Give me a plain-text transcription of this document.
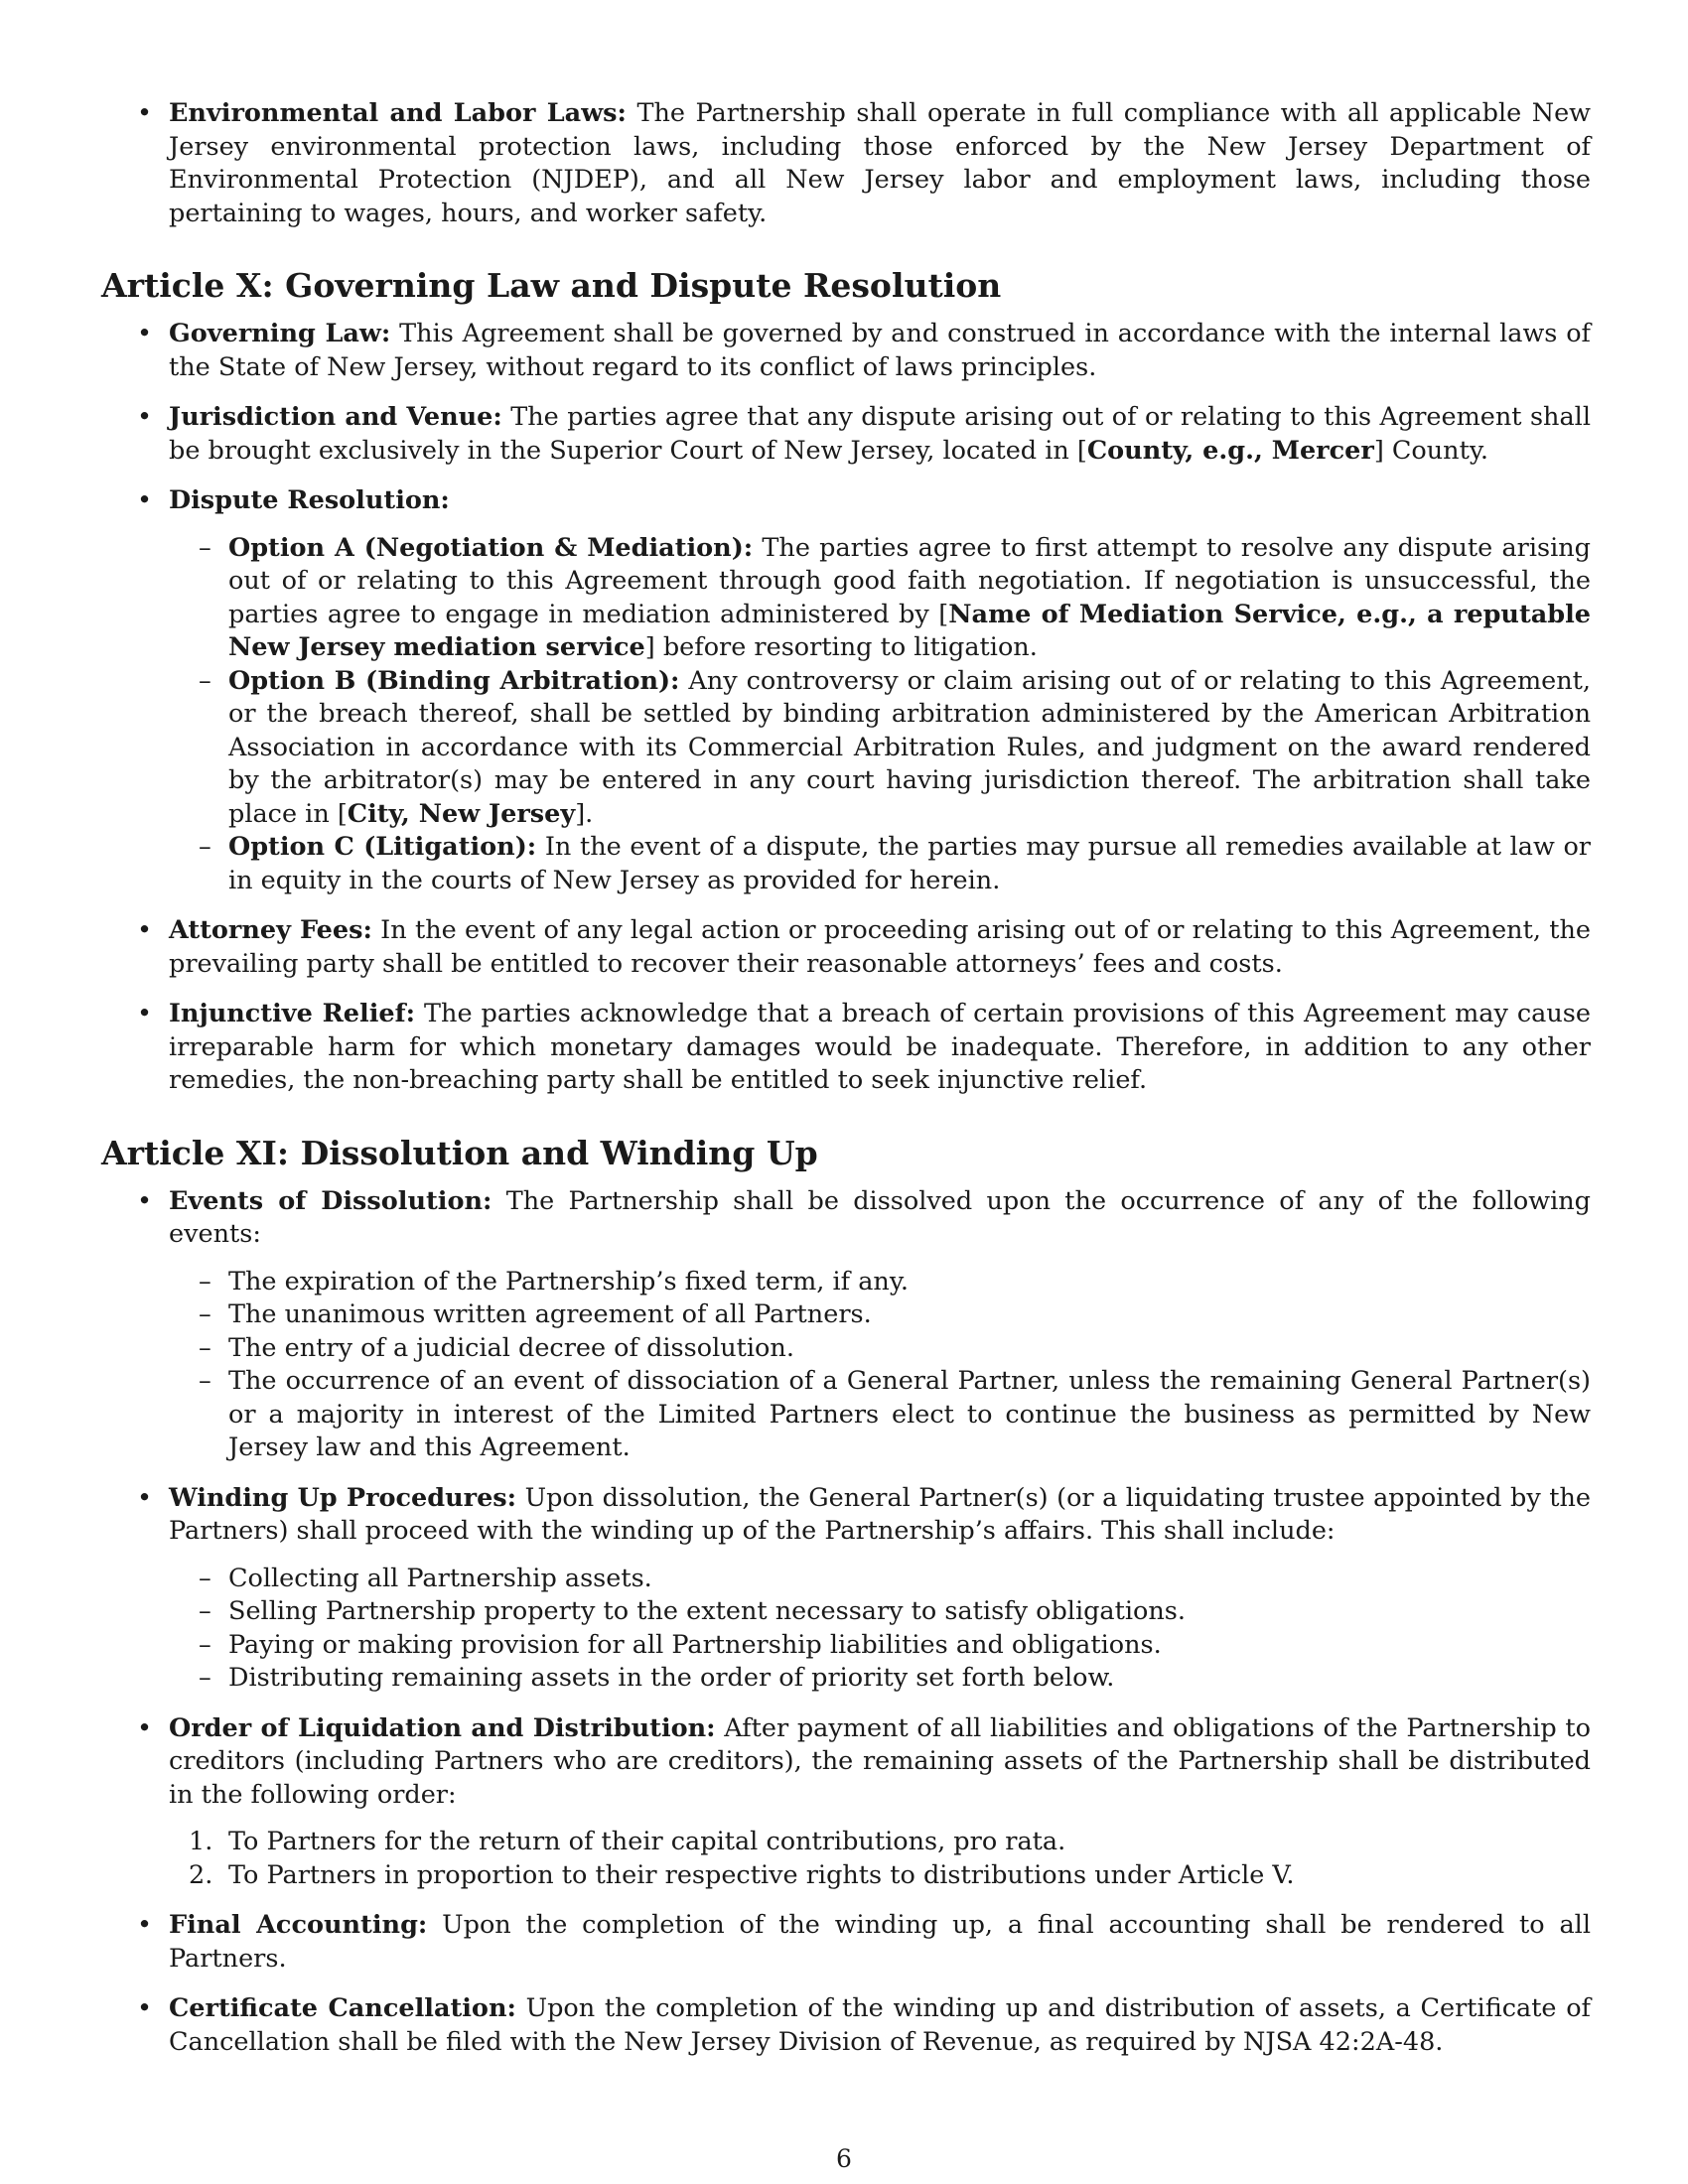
• Environmental and Labor Laws: The Partnership shall operate in full compliance with all applicable New Jersey environmental protection laws, including those enforced by the New Jersey Department of Environmental Protection (NJDEP), and all New Jersey labor and employment laws, including those pertaining to wages, hours, and worker safety.
Article X: Governing Law and Dispute Resolution
• Governing Law: This Agreement shall be governed by and construed in accordance with the internal laws of the State of New Jersey, without regard to its conflict of laws principles.
• Jurisdiction and Venue: The parties agree that any dispute arising out of or relating to this Agreement shall be brought exclusively in the Superior Court of New Jersey, located in [County, e.g., Mercer] County.
• Dispute Resolution:
– Option A (Negotiation & Mediation): The parties agree to first attempt to resolve any dispute arising out of or relating to this Agreement through good faith negotiation. If negotiation is unsuccessful, the parties agree to engage in mediation administered by [Name of Mediation Service, e.g., a reputable New Jersey mediation service] before resorting to litigation.
– Option B (Binding Arbitration): Any controversy or claim arising out of or relating to this Agreement, or the breach thereof, shall be settled by binding arbitration administered by the American Arbitration Association in accordance with its Commercial Arbitration Rules, and judgment on the award rendered by the arbitrator(s) may be entered in any court having jurisdiction thereof. The arbitration shall take place in [City, New Jersey].
– Option C (Litigation): In the event of a dispute, the parties may pursue all remedies available at law or in equity in the courts of New Jersey as provided for herein.
• Attorney Fees: In the event of any legal action or proceeding arising out of or relating to this Agreement, the prevailing party shall be entitled to recover their reasonable attorneys’ fees and costs.
• Injunctive Relief: The parties acknowledge that a breach of certain provisions of this Agreement may cause irreparable harm for which monetary damages would be inadequate. Therefore, in addition to any other remedies, the non-breaching party shall be entitled to seek injunctive relief.
Article XI: Dissolution and Winding Up
• Events of Dissolution: The Partnership shall be dissolved upon the occurrence of any of the following events:
– The expiration of the Partnership’s fixed term, if any.
– The unanimous written agreement of all Partners.
– The entry of a judicial decree of dissolution.
– The occurrence of an event of dissociation of a General Partner, unless the remaining General Partner(s) or a majority in interest of the Limited Partners elect to continue the business as permitted by New Jersey law and this Agreement.
• Winding Up Procedures: Upon dissolution, the General Partner(s) (or a liquidating trustee appointed by the Partners) shall proceed with the winding up of the Partnership’s affairs. This shall include:
– Collecting all Partnership assets.
– Selling Partnership property to the extent necessary to satisfy obligations.
– Paying or making provision for all Partnership liabilities and obligations.
– Distributing remaining assets in the order of priority set forth below.
• Order of Liquidation and Distribution: After payment of all liabilities and obligations of the Partnership to creditors (including Partners who are creditors), the remaining assets of the Partnership shall be distributed in the following order:
1. To Partners for the return of their capital contributions, pro rata.
2. To Partners in proportion to their respective rights to distributions under Article V.
• Final Accounting: Upon the completion of the winding up, a final accounting shall be rendered to all Partners.
• Certificate Cancellation: Upon the completion of the winding up and distribution of assets, a Certificate of Cancellation shall be filed with the New Jersey Division of Revenue, as required by NJSA 42:2A-48.
6
